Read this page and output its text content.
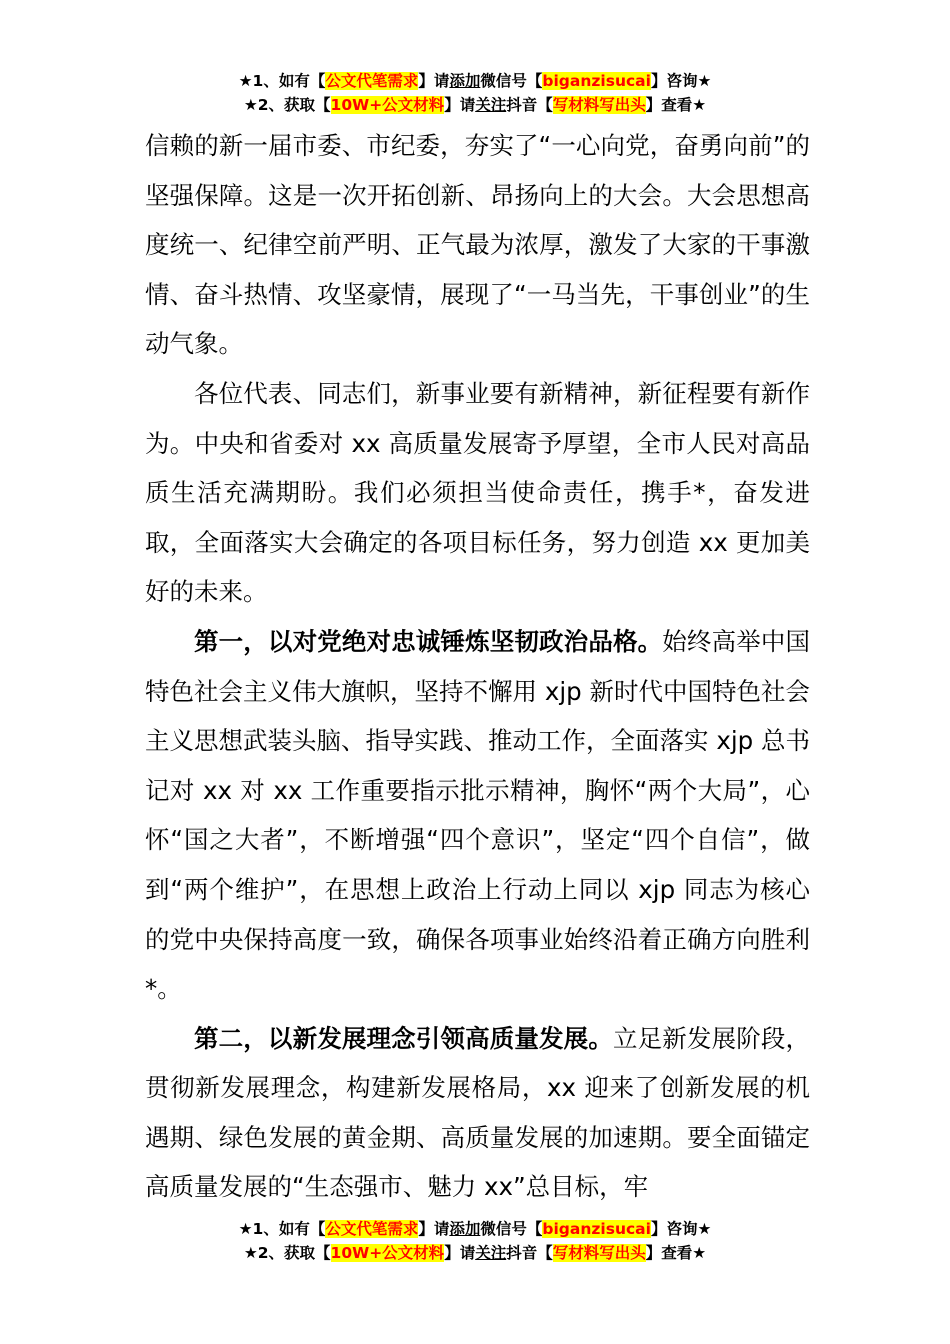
★1、如有【公文代笔需求】请添加微信号【biganzisucai】咨询★
★2、获取【10W+公文材料】请关注抖音【写材料写出头】查看★

信赖的新一届市委、市纪委，夯实了“一心向党，奋勇向前”的坚强保障。这是一次开拓创新、昂扬向上的大会。大会思想高度统一、纪律空前严明、正气最为浓厚，激发了大家的干事激情、奋斗热情、攻坚豪情，展现了“一马当先，干事创业”的生动气象。

各位代表、同志们，新事业要有新精神，新征程要有新作为。中央和省委对 xx 高质量发展寄予厚望，全市人民对高品质生活充满期盼。我们必须担当使命责任，携手*，奋发进取，全面落实大会确定的各项目标任务，努力创造 xx 更加美好的未来。

第一，以对党绝对忠诚锤炼坚韧政治品格。始终高举中国特色社会主义伟大旗帜，坚持不懈用 xjp 新时代中国特色社会主义思想武装头脑、指导实践、推动工作，全面落实 xjp 总书记对 xx 对 xx 工作重要指示批示精神，胸怀“两个大局”，心怀“国之大者”，不断增强“四个意识”，坚定“四个自信”，做到“两个维护”，在思想上政治上行动上同以 xjp 同志为核心的党中央保持高度一致，确保各项事业始终沿着正确方向胜利*。

第二，以新发展理念引领高质量发展。立足新发展阶段，贯彻新发展理念，构建新发展格局，xx 迎来了创新发展的机遇期、绿色发展的黄金期、高质量发展的加速期。要全面锚定高质量发展的“生态强市、魅力 xx”总目标，牢

★1、如有【公文代笔需求】请添加微信号【biganzisucai】咨询★
★2、获取【10W+公文材料】请关注抖音【写材料写出头】查看★
